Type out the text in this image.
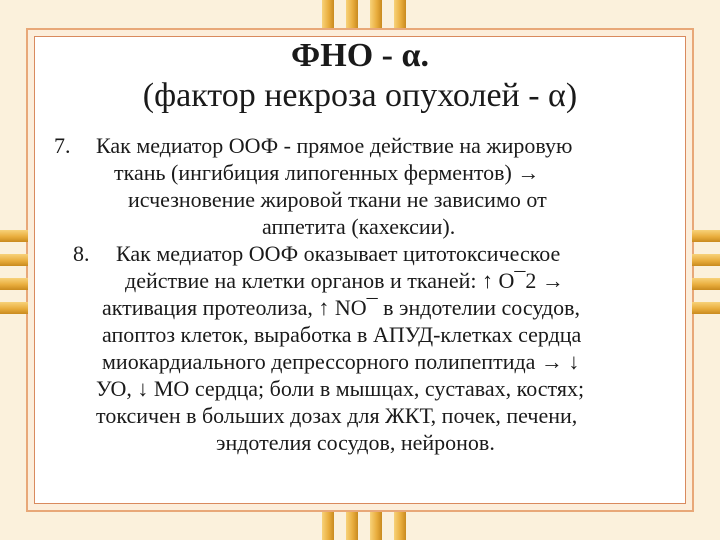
ФНО - α.
(фактор некроза опухолей - α)
7.	Как медиатор ООФ - прямое действие на жировую
ткань (ингибиция липогенных ферментов) →
исчезновение жировой ткани не зависимо от
аппетита (кахексии).
8.	Как медиатор ООФ оказывает цитотоксическое
действие на клетки органов и тканей: ↑ О¯2 →
активация протеолиза, ↑ NO¯ в эндотелии сосудов,
апоптоз клеток, выработка в АПУД-клетках сердца
миокардиального депрессорного полипептида → ↓
УО, ↓ МО сердца; боли в мышцах, суставах, костях;
токсичен в больших дозах для ЖКТ, почек, печени,
эндотелия сосудов, нейронов.
